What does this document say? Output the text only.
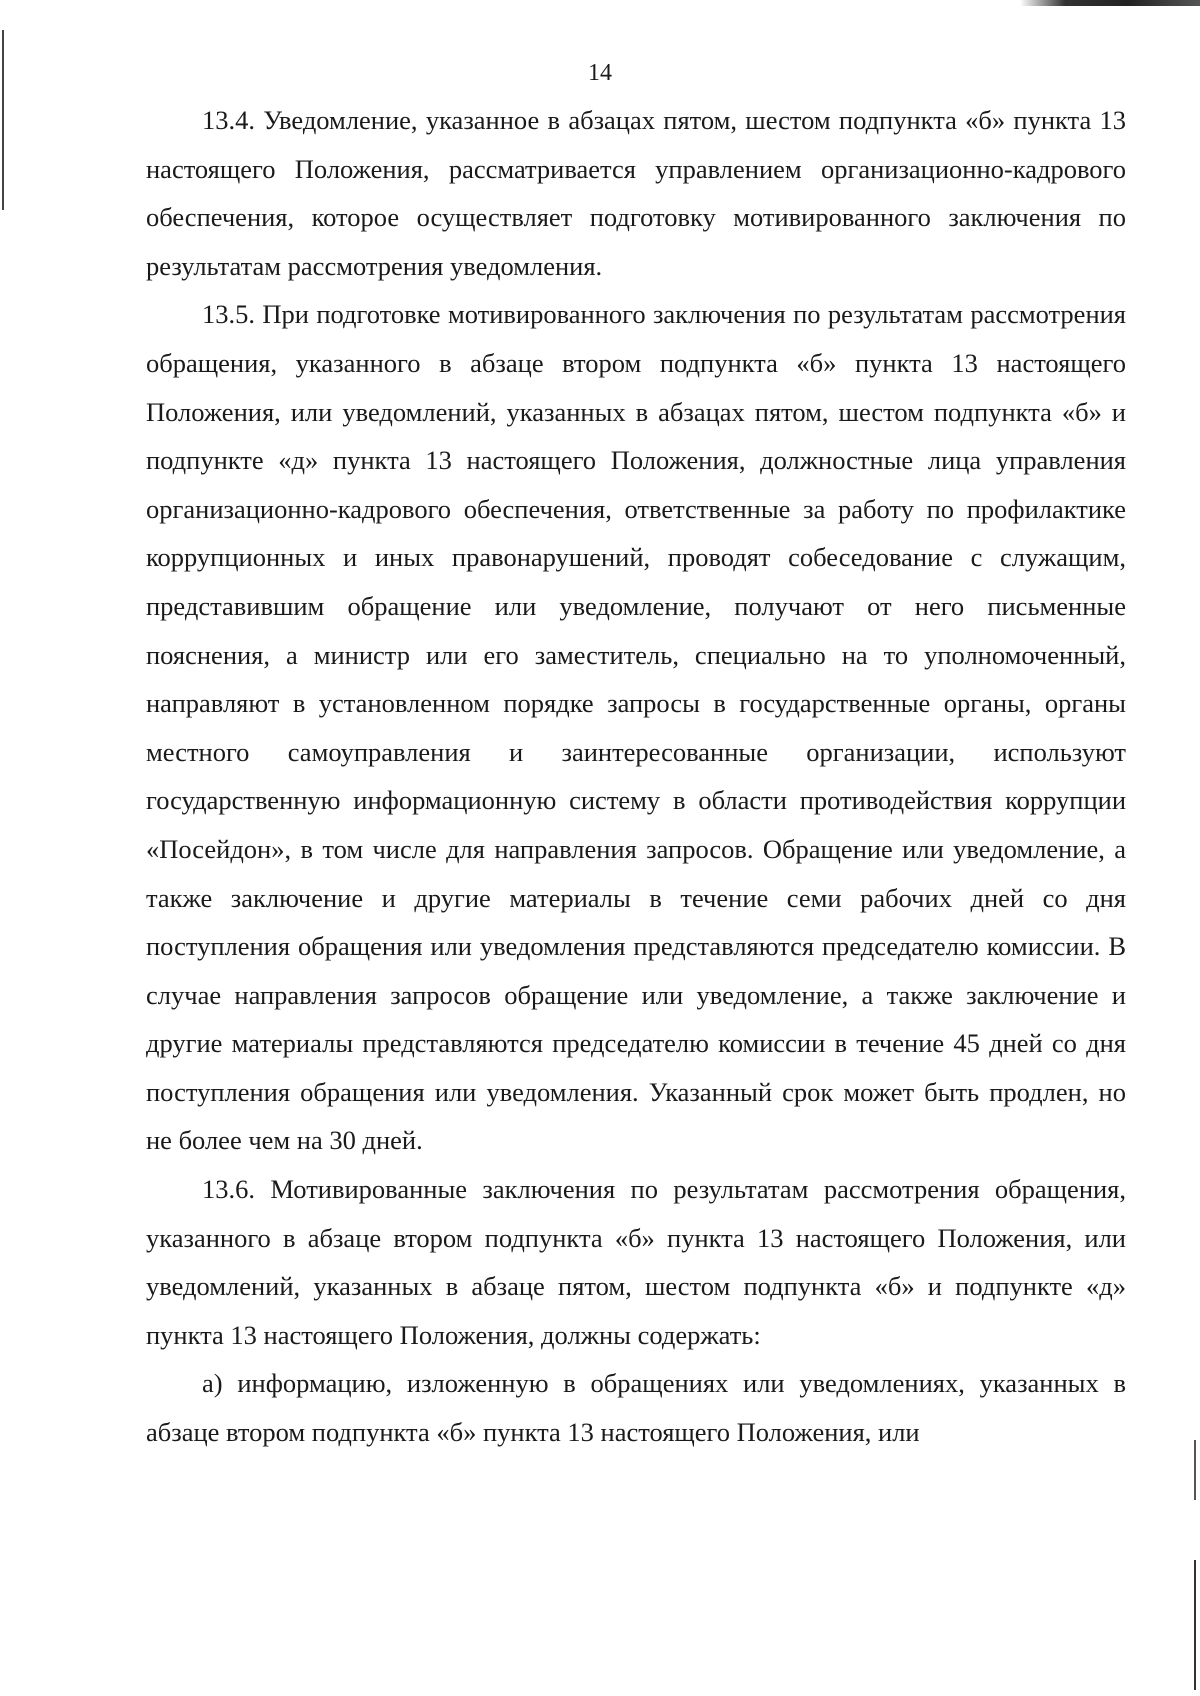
14

13.4. Уведомление, указанное в абзацах пятом, шестом подпункта «б» пункта 13 настоящего Положения, рассматривается управлением организационно-кадрового обеспечения, которое осуществляет подготовку мотивированного заключения по результатам рассмотрения уведомления.

13.5. При подготовке мотивированного заключения по результатам рассмотрения обращения, указанного в абзаце втором подпункта «б» пункта 13 настоящего Положения, или уведомлений, указанных в абзацах пятом, шестом подпункта «б» и подпункте «д» пункта 13 настоящего Положения, должностные лица управления организационно-кадрового обеспечения, ответственные за работу по профилактике коррупционных и иных правонарушений, проводят собеседование с служащим, представившим обращение или уведомление, получают от него письменные пояснения, а министр или его заместитель, специально на то уполномоченный, направляют в установленном порядке запросы в государственные органы, органы местного самоуправления и заинтересованные организации, используют государственную информационную систему в области противодействия коррупции «Посейдон», в том числе для направления запросов. Обращение или уведомление, а также заключение и другие материалы в течение семи рабочих дней со дня поступления обращения или уведомления представляются председателю комиссии. В случае направления запросов обращение или уведомление, а также заключение и другие материалы представляются председателю комиссии в течение 45 дней со дня поступления обращения или уведомления. Указанный срок может быть продлен, но не более чем на 30 дней.

13.6. Мотивированные заключения по результатам рассмотрения обращения, указанного в абзаце втором подпункта «б» пункта 13 настоящего Положения, или уведомлений, указанных в абзаце пятом, шестом подпункта «б» и подпункте «д» пункта 13 настоящего Положения, должны содержать:

а) информацию, изложенную в обращениях или уведомлениях, указанных в абзаце втором подпункта «б» пункта 13 настоящего Положения, или
